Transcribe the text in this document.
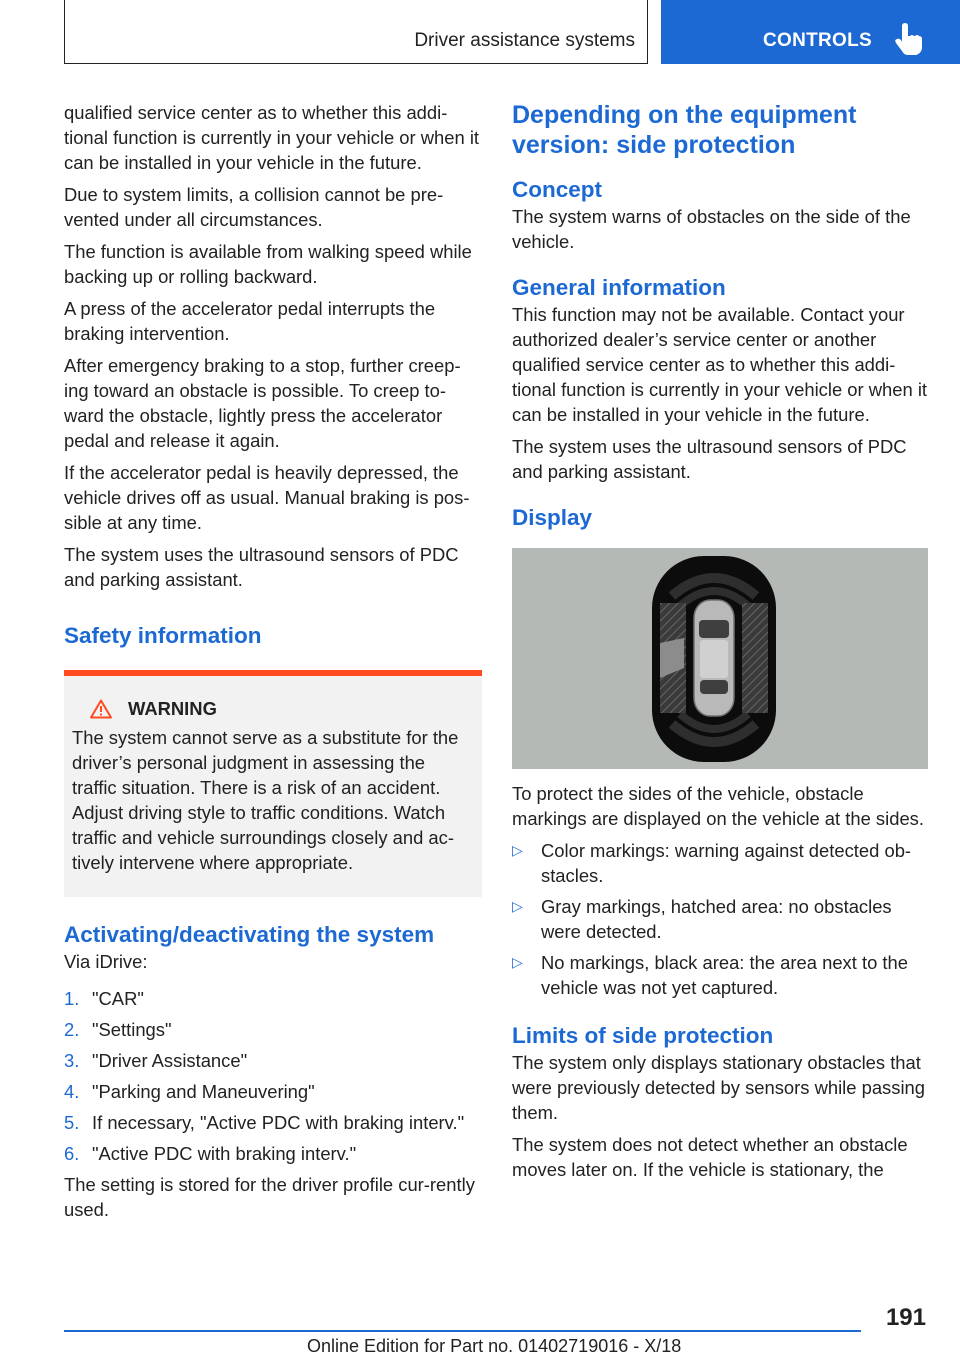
Driver assistance systems	CONTROLS

qualified service center as to whether this addi-tional function is currently in your vehicle or when it can be installed in your vehicle in the future.

Due to system limits, a collision cannot be pre-vented under all circumstances.

The function is available from walking speed while backing up or rolling backward.

A press of the accelerator pedal interrupts the braking intervention.

After emergency braking to a stop, further creep-ing toward an obstacle is possible. To creep to-ward the obstacle, lightly press the accelerator pedal and release it again.

If the accelerator pedal is heavily depressed, the vehicle drives off as usual. Manual braking is pos-sible at any time.

The system uses the ultrasound sensors of PDC and parking assistant.

Safety information
WARNING
The system cannot serve as a substitute for the driver’s personal judgment in assessing the traffic situation. There is a risk of an accident. Adjust driving style to traffic conditions. Watch traffic and vehicle surroundings closely and ac-tively intervene where appropriate.
Activating/deactivating the system

Via iDrive:

1. "CAR"
2. "Settings"
3. "Driver Assistance"
4. "Parking and Maneuvering"
5. If necessary, "Active PDC with braking interv."
6. "Active PDC with braking interv."

The setting is stored for the driver profile cur-rently used.

Depending on the equipment version: side protection
Concept

The system warns of obstacles on the side of the vehicle.

General information

This function may not be available. Contact your authorized dealer’s service center or another qualified service center as to whether this addi-tional function is currently in your vehicle or when it can be installed in your vehicle in the future.

The system uses the ultrasound sensors of PDC and parking assistant.

Display

To protect the sides of the vehicle, obstacle markings are displayed on the vehicle at the sides.

▷ Color markings: warning against detected ob-stacles.
▷ Gray markings, hatched area: no obstacles were detected.
▷ No markings, black area: the area next to the vehicle was not yet captured.
Limits of side protection

The system only displays stationary obstacles that were previously detected by sensors while passing them.

The system does not detect whether an obstacle moves later on. If the vehicle is stationary, the

191
Online Edition for Part no. 01402719016 - X/18
